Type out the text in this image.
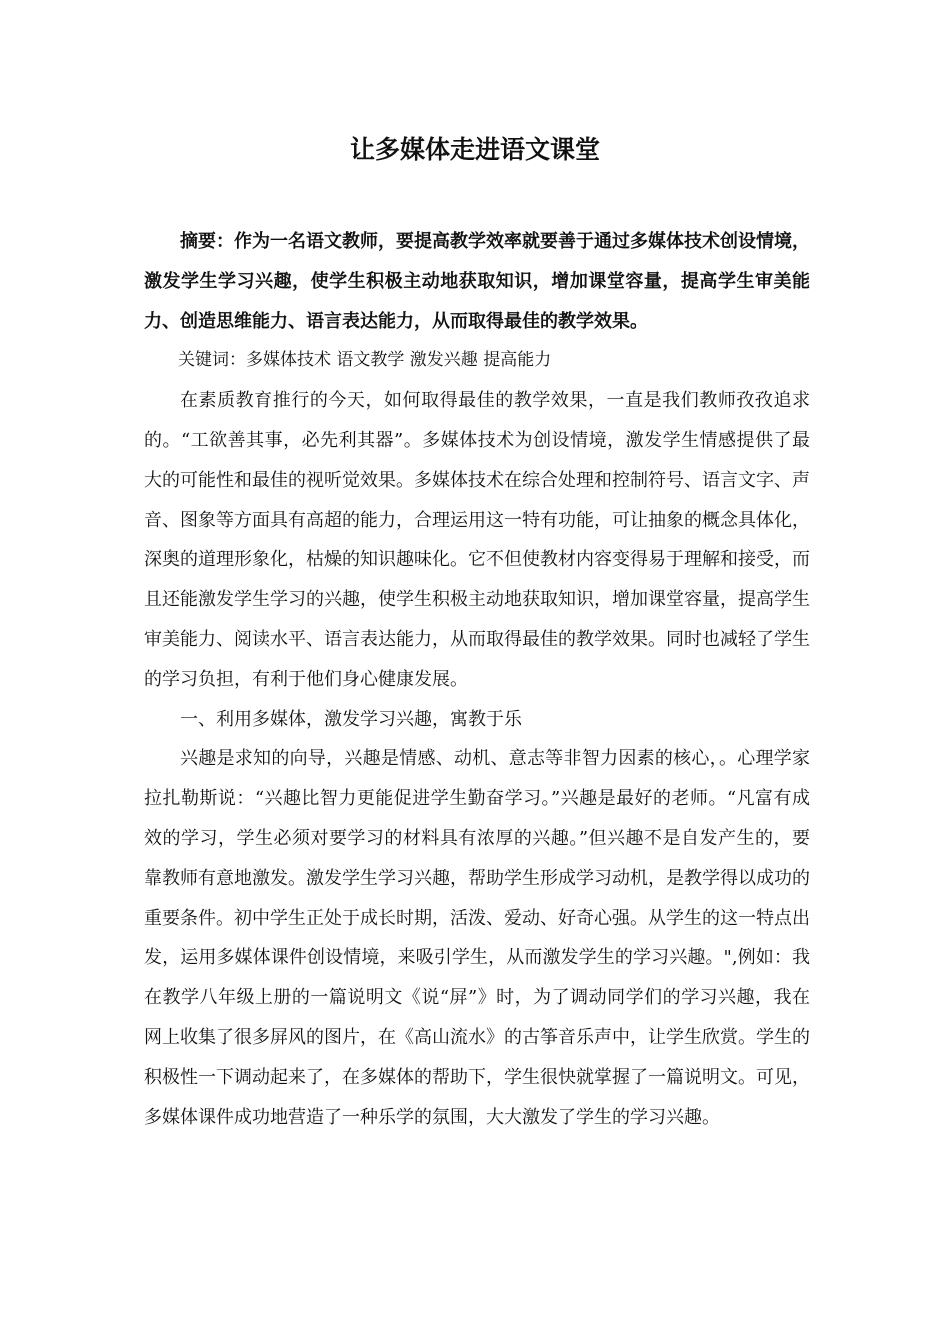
让多媒体走进语文课堂

摘要：作为一名语文教师，要提高教学效率就要善于通过多媒体技术创设情境，激发学生学习兴趣，使学生积极主动地获取知识，增加课堂容量，提高学生审美能力、创造思维能力、语言表达能力，从而取得最佳的教学效果。

关键词：多媒体技术 语文教学 激发兴趣 提高能力

在素质教育推行的今天，如何取得最佳的教学效果，一直是我们教师孜孜追求的。“工欲善其事，必先利其器”。多媒体技术为创设情境，激发学生情感提供了最大的可能性和最佳的视听觉效果。多媒体技术在综合处理和控制符号、语言文字、声音、图象等方面具有高超的能力，合理运用这一特有功能，可让抽象的概念具体化，深奥的道理形象化，枯燥的知识趣味化。它不但使教材内容变得易于理解和接受，而且还能激发学生学习的兴趣，使学生积极主动地获取知识，增加课堂容量，提高学生审美能力、阅读水平、语言表达能力，从而取得最佳的教学效果。同时也减轻了学生的学习负担，有利于他们身心健康发展。

一、利用多媒体，激发学习兴趣，寓教于乐

兴趣是求知的向导，兴趣是情感、动机、意志等非智力因素的核心，。心理学家拉扎勒斯说：“兴趣比智力更能促进学生勤奋学习。”兴趣是最好的老师。“凡富有成效的学习，学生必须对要学习的材料具有浓厚的兴趣。”但兴趣不是自发产生的，要靠教师有意地激发。激发学生学习兴趣，帮助学生形成学习动机，是教学得以成功的重要条件。初中学生正处于成长时期，活泼、爱动、好奇心强。从学生的这一特点出发，运用多媒体课件创设情境，来吸引学生，从而激发学生的学习兴趣。",例如：我在教学八年级上册的一篇说明文《说“屏”》时，为了调动同学们的学习兴趣，我在网上收集了很多屏风的图片，在《高山流水》的古筝音乐声中，让学生欣赏。学生的积极性一下调动起来了，在多媒体的帮助下，学生很快就掌握了一篇说明文。可见，多媒体课件成功地营造了一种乐学的氛围，大大激发了学生的学习兴趣。
